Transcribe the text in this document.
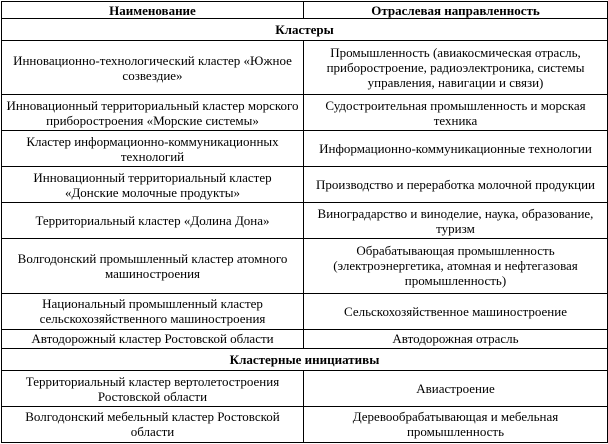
Наименование	Отраслевая направленность
Кластеры	
Инновационно-технологический кластер «Южное созвездие»	Промышленность (авиакосмическая отрасль, приборостроение, радиоэлектроника, системы управления, навигации и связи)
Инновационный территориальный кластер морского приборостроения «Морские системы»	Судостроительная промышленность и морская техника
Кластер информационно-коммуникационных технологий	Информационно-коммуникационные технологии
Инновационный территориальный кластер «Донские молочные продукты»	Производство и переработка молочной продукции
Территориальный кластер «Долина Дона»	Виноградарство и виноделие, наука, образование, туризм
Волгодонский промышленный кластер атомного машиностроения	Обрабатывающая промышленность (электроэнергетика, атомная и нефтегазовая промышленность)
Национальный промышленный кластер сельскохозяйственного машиностроения	Сельскохозяйственное машиностроение
Автодорожный кластер Ростовской области	Автодорожная отрасль
Кластерные инициативы	
Территориальный кластер вертолетостроения Ростовской области	Авиастроение
Волгодонский мебельный кластер Ростовской области	Деревообрабатывающая и мебельная промышленность
